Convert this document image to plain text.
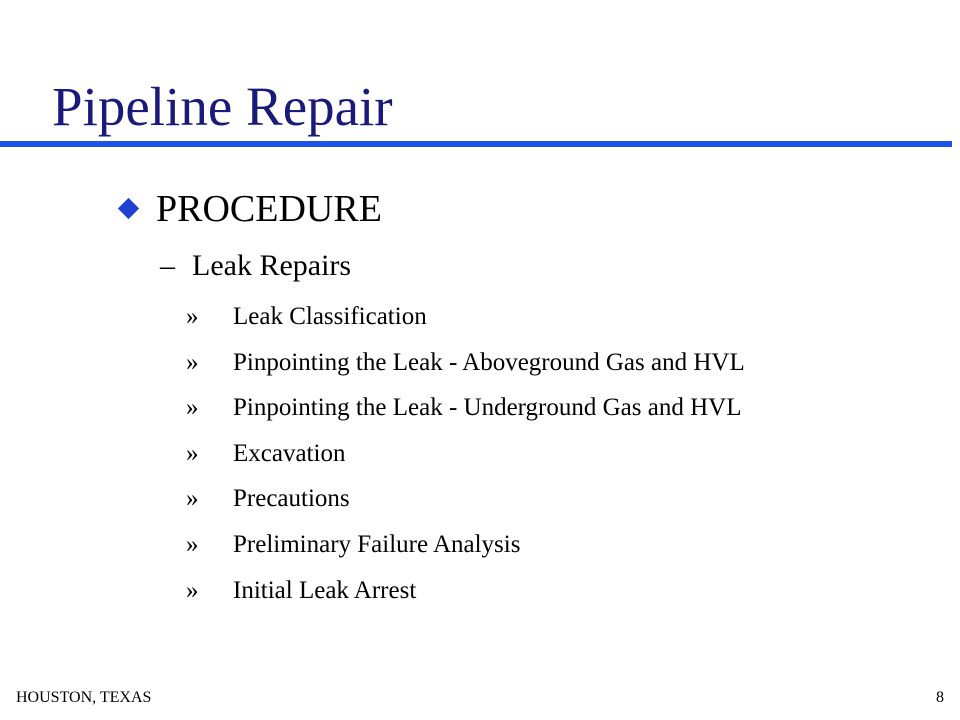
Pipeline Repair
PROCEDURE
– Leak Repairs
» Leak Classification
» Pinpointing the Leak - Aboveground Gas and HVL
» Pinpointing the Leak - Underground Gas and HVL
» Excavation
» Precautions
» Preliminary Failure Analysis
» Initial Leak Arrest
HOUSTON, TEXAS	8
